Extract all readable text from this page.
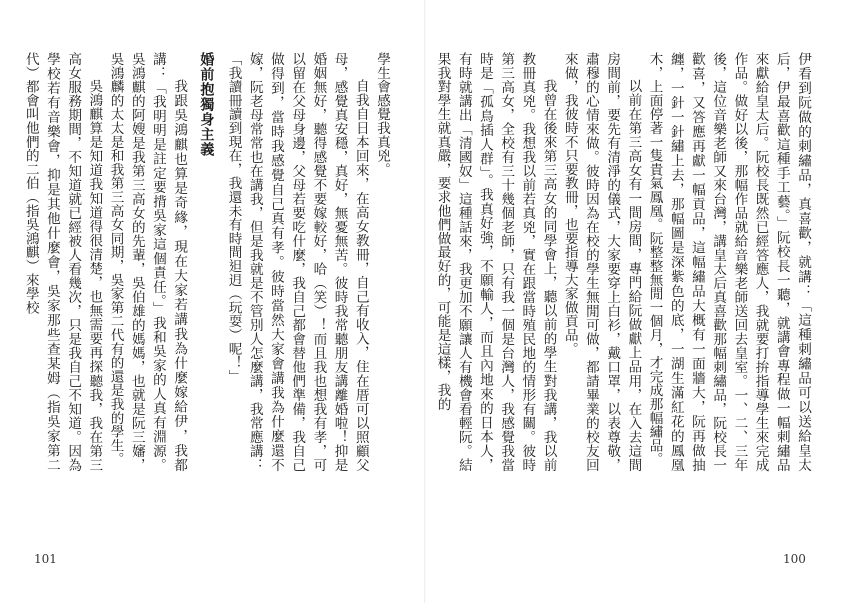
學生會感覺我真兇。

自我自日本回來，在高女教冊，自己有收入，住在厝可以照顧父母，感覺真安穩，真好，無憂無苦。彼時我常聽朋友講離婚啦！抑是婚姻無好，聽得感覺不要嫁較好，哈（笑）！而且我也想我有孝，可以留在父母身邊，父母若要吃什麼，我自己都會替他們準備，我自己做得到，當時我感覺自己真有孝。彼時當然大家會講我為什麼還不嫁，阮老母常常也在講我，但是我就是不管別人怎麼講，我常應講：「我讀冊讀到現在，我還未有時間𨑨迌（玩耍）呢！」

婚前抱獨身主義

我跟吳鴻麒也算是奇緣，現在大家若講我為什麼嫁給伊，我都講：「我明明是註定要揹吳家這個責任。」我和吳家的人真有淵源。吳鴻麒的阿嫂是我第三高女的先輩，吳伯雄的媽媽，也就是阮三嬸，吳鴻麟的太太是和我第三高女同期，吳家第二代有的還是我的學生。

吳鴻麒算是知道我知道得很清楚，也無需要再探聽我，我在第三高女服務期間，不知道就已經被人看幾次，只是我自己不知道。因為學校若有音樂會，抑是其他什麼會，吳家那些查某姆（指吳家第二代）都會叫他們的二伯（指吳鴻麒）來學校

101

伊看到阮做的刺繡品，真喜歡，就講：「這種刺繡品可以送給皇太后，伊最喜歡這種手工藝。」阮校長一聽，就講會專程做一幅刺繡品來獻給皇太后。阮校長既然已經答應人，我就要打拚指導學生來完成作品。做好以後，那幅作品就給音樂老師送回去皇室。一、二、三年後，這位音樂老師又來台灣，講皇太后真喜歡那幅刺繡品，阮校長一歡喜，又答應再獻一幅貢品，這幅繡品大概有一面牆大，阮再做抽纏，一針一針繡上去，那幅圖是深紫色的底，一湖生滿紅花的鳳凰木，上面停著一隻貴氣鳳凰。阮整整無閒一個月，才完成那幅繡品。

以前在第三高女有一間房間，專門給阮做獻上品用，在入去這間房間前，要先有清淨的儀式，大家要穿上白衫，戴口罩，以表尊敬，肅穆的心情來做。彼時因為在校的學生無閒可做，都請畢業的校友回來做，我彼時不只要教冊，也要指導大家做貢品。

我曾在後來第三高女的同學會上，聽以前的學生對我講，我以前教冊真兇。我想我以前若真兇，實在跟當時殖民地的情形有關。彼時第三高女，全校有三十幾個老師，只有我一個是台灣人，我感覺我當時是「孤鳥插人群」。我真好強，不願輸人，而且內地來的日本人，有時就講出「清國奴」這種話來，我更加不願讓人有機會看輕阮。結果我對學生就真嚴，要求他們做最好的，可能是這樣，我的

100
